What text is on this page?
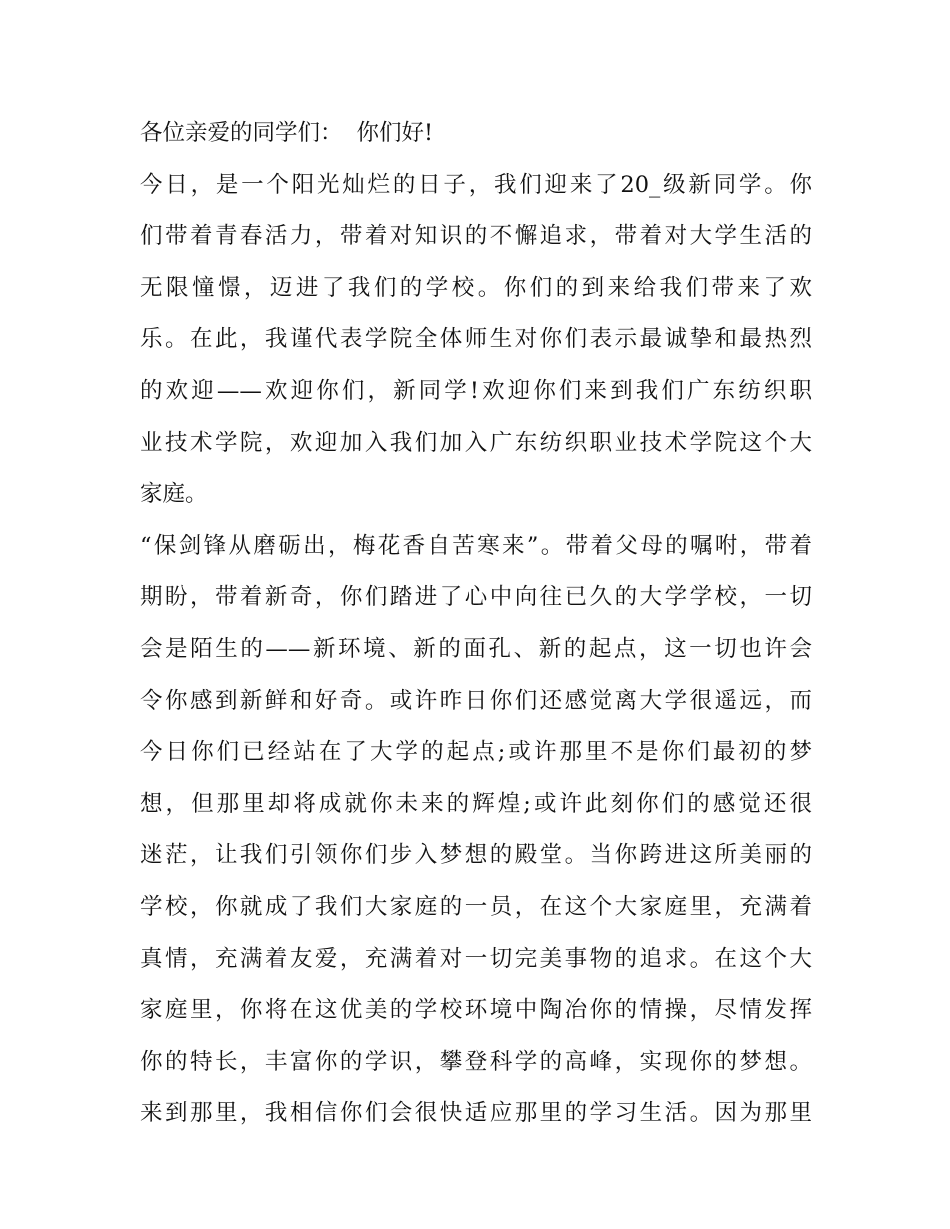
各位亲爱的同学们： 你们好!
今日，是一个阳光灿烂的日子，我们迎来了20_级新同学。你
们带着青春活力，带着对知识的不懈追求，带着对大学生活的
无限憧憬，迈进了我们的学校。你们的到来给我们带来了欢
乐。在此，我谨代表学院全体师生对你们表示最诚挚和最热烈
的欢迎——欢迎你们，新同学!欢迎你们来到我们广东纺织职
业技术学院，欢迎加入我们加入广东纺织职业技术学院这个大
家庭。
“保剑锋从磨砺出，梅花香自苦寒来”。带着父母的嘱咐，带着
期盼，带着新奇，你们踏进了心中向往已久的大学学校，一切
会是陌生的——新环境、新的面孔、新的起点，这一切也许会
令你感到新鲜和好奇。或许昨日你们还感觉离大学很遥远，而
今日你们已经站在了大学的起点;或许那里不是你们最初的梦
想，但那里却将成就你未来的辉煌;或许此刻你们的感觉还很
迷茫，让我们引领你们步入梦想的殿堂。当你跨进这所美丽的
学校，你就成了我们大家庭的一员，在这个大家庭里，充满着
真情，充满着友爱，充满着对一切完美事物的追求。在这个大
家庭里，你将在这优美的学校环境中陶冶你的情操，尽情发挥
你的特长，丰富你的学识，攀登科学的高峰，实现你的梦想。
来到那里，我相信你们会很快适应那里的学习生活。因为那里
